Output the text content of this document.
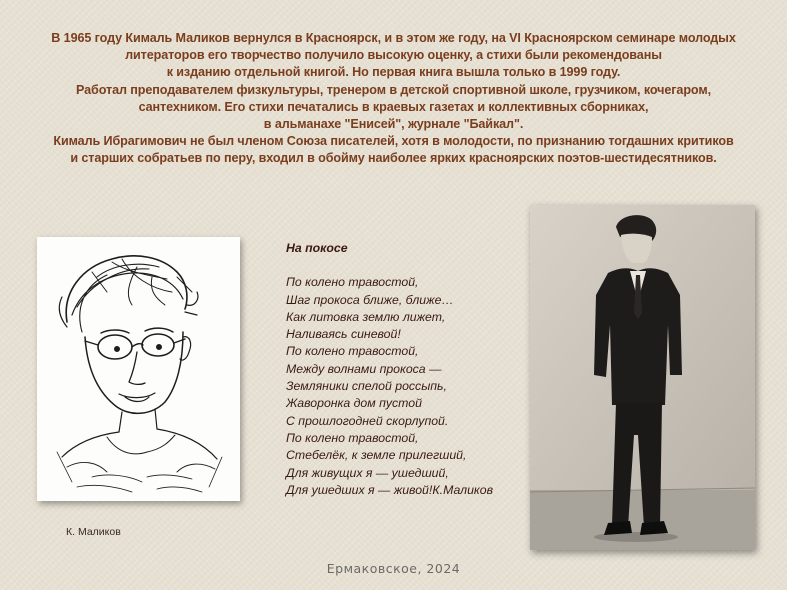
В 1965 году Кималь Маликов вернулся в Красноярск, и в этом же году, на VI Красноярском семинаре молодых
литераторов его творчество получило высокую оценку, а стихи были рекомендованы
к изданию отдельной книгой. Но первая книга вышла только в 1999 году.
Работал преподавателем физкультуры, тренером в детской спортивной школе, грузчиком, кочегаром,
сантехником. Его стихи печатались в краевых газетах и коллективных сборниках,
в альманахе "Енисей", журнале "Байкал".
Кималь Ибрагимович не был членом Союза писателей, хотя в молодости, по признанию тогдашних критиков
и старших собратьев по перу, входил в обойму наиболее ярких красноярских поэтов-шестидесятников.
К. Маликов
На покосе
По колено травостой,
Шаг прокоса ближе, ближе…
Как литовка землю лижет,
Наливаясь синевой!
По колено травостой,
Между волнами прокоса —
Земляники спелой россыпь,
Жаворонка дом пустой
С прошлогодней скорлупой.
По колено травостой,
Стебелёк, к земле прилегший,
Для живущих я — ушедший,
Для ушедших я — живой! К.Маликов
Ермаковское, 2024
